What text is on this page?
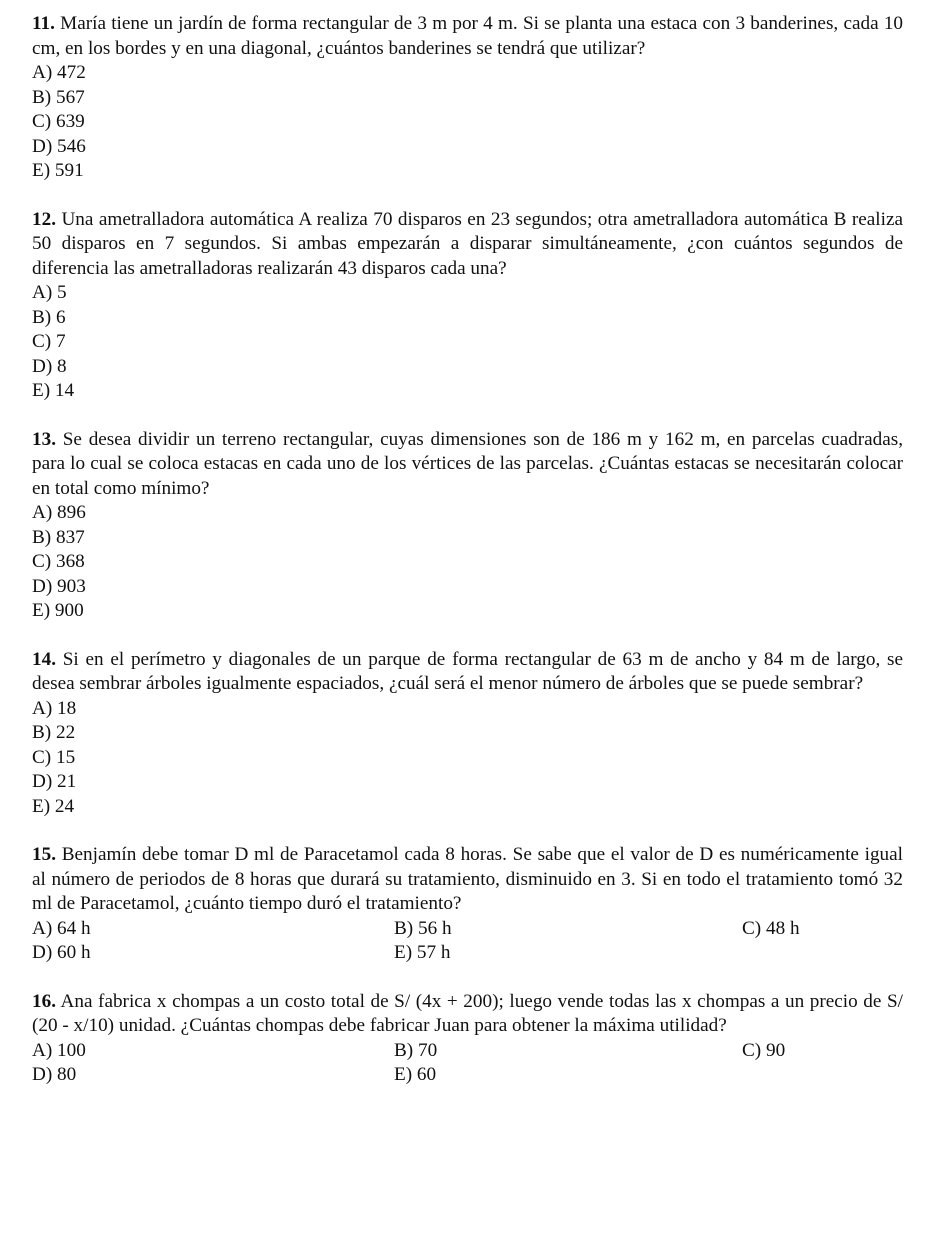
11. María tiene un jardín de forma rectangular de 3 m por 4 m. Si se planta una estaca con 3 banderines, cada 10 cm, en los bordes y en una diagonal, ¿cuántos banderines se tendrá que utilizar?

A) 472
B) 567
C) 639
D) 546
E) 591

12. Una ametralladora automática A realiza 70 disparos en 23 segundos; otra ametralladora automática B realiza 50 disparos en 7 segundos. Si ambas empezarán a disparar simultáneamente, ¿con cuántos segundos de diferencia las ametralladoras realizarán 43 disparos cada una?

A) 5
B) 6
C) 7
D) 8
E) 14

13. Se desea dividir un terreno rectangular, cuyas dimensiones son de 186 m y 162 m, en parcelas cuadradas, para lo cual se coloca estacas en cada uno de los vértices de las parcelas. ¿Cuántas estacas se necesitarán colocar en total como mínimo?

A) 896
B) 837
C) 368
D) 903
E) 900

14. Si en el perímetro y diagonales de un parque de forma rectangular de 63 m de ancho y 84 m de largo, se desea sembrar árboles igualmente espaciados, ¿cuál será el menor número de árboles que se puede sembrar?

A) 18
B) 22
C) 15
D) 21
E) 24

15. Benjamín debe tomar D ml de Paracetamol cada 8 horas. Se sabe que el valor de D es numéricamente igual al número de periodos de 8 horas que durará su tratamiento, disminuido en 3. Si en todo el tratamiento tomó 32 ml de Paracetamol, ¿cuánto tiempo duró el tratamiento?

A) 64 h	B) 56 h	C) 48 h
D) 60 h	E) 57 h

16. Ana fabrica x chompas a un costo total de S/ (4x + 200); luego vende todas las x chompas a un precio de S/ (20 - x/10) unidad. ¿Cuántas chompas debe fabricar Juan para obtener la máxima utilidad?

A) 100	B) 70	C) 90
D) 80	E) 60
